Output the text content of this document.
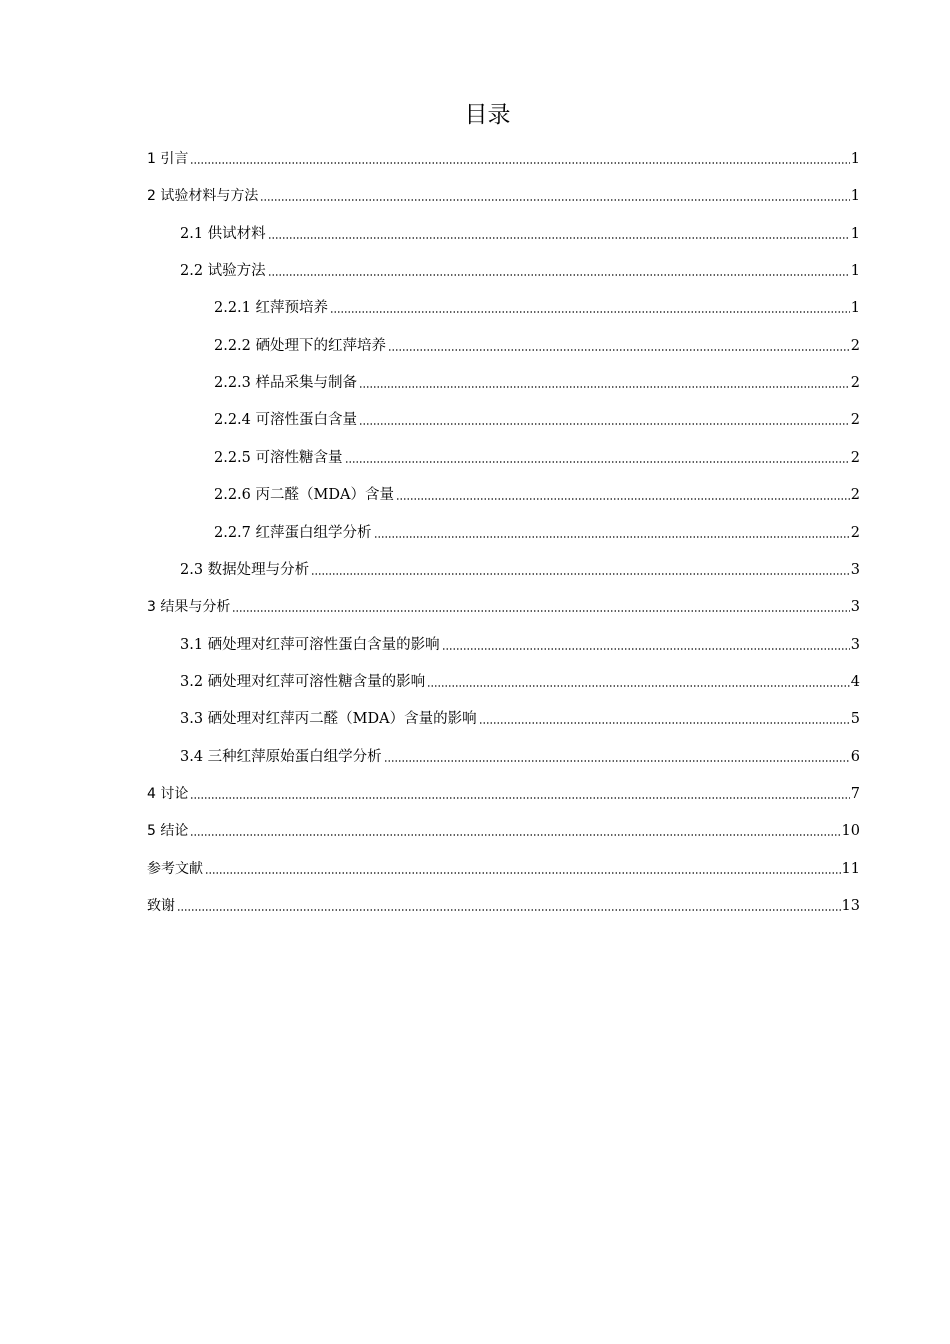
目录
1 引言	1
2 试验材料与方法	1
2.1 供试材料	1
2.2 试验方法	1
2.2.1 红萍预培养	1
2.2.2 硒处理下的红萍培养	2
2.2.3 样品采集与制备	2
2.2.4 可溶性蛋白含量	2
2.2.5 可溶性糖含量	2
2.2.6 丙二醛（MDA）含量	2
2.2.7 红萍蛋白组学分析	2
2.3 数据处理与分析	3
3 结果与分析	3
3.1 硒处理对红萍可溶性蛋白含量的影响	3
3.2 硒处理对红萍可溶性糖含量的影响	4
3.3 硒处理对红萍丙二醛（MDA）含量的影响	5
3.4 三种红萍原始蛋白组学分析	6
4 讨论	7
5 结论	10
参考文献	11
致谢	13
